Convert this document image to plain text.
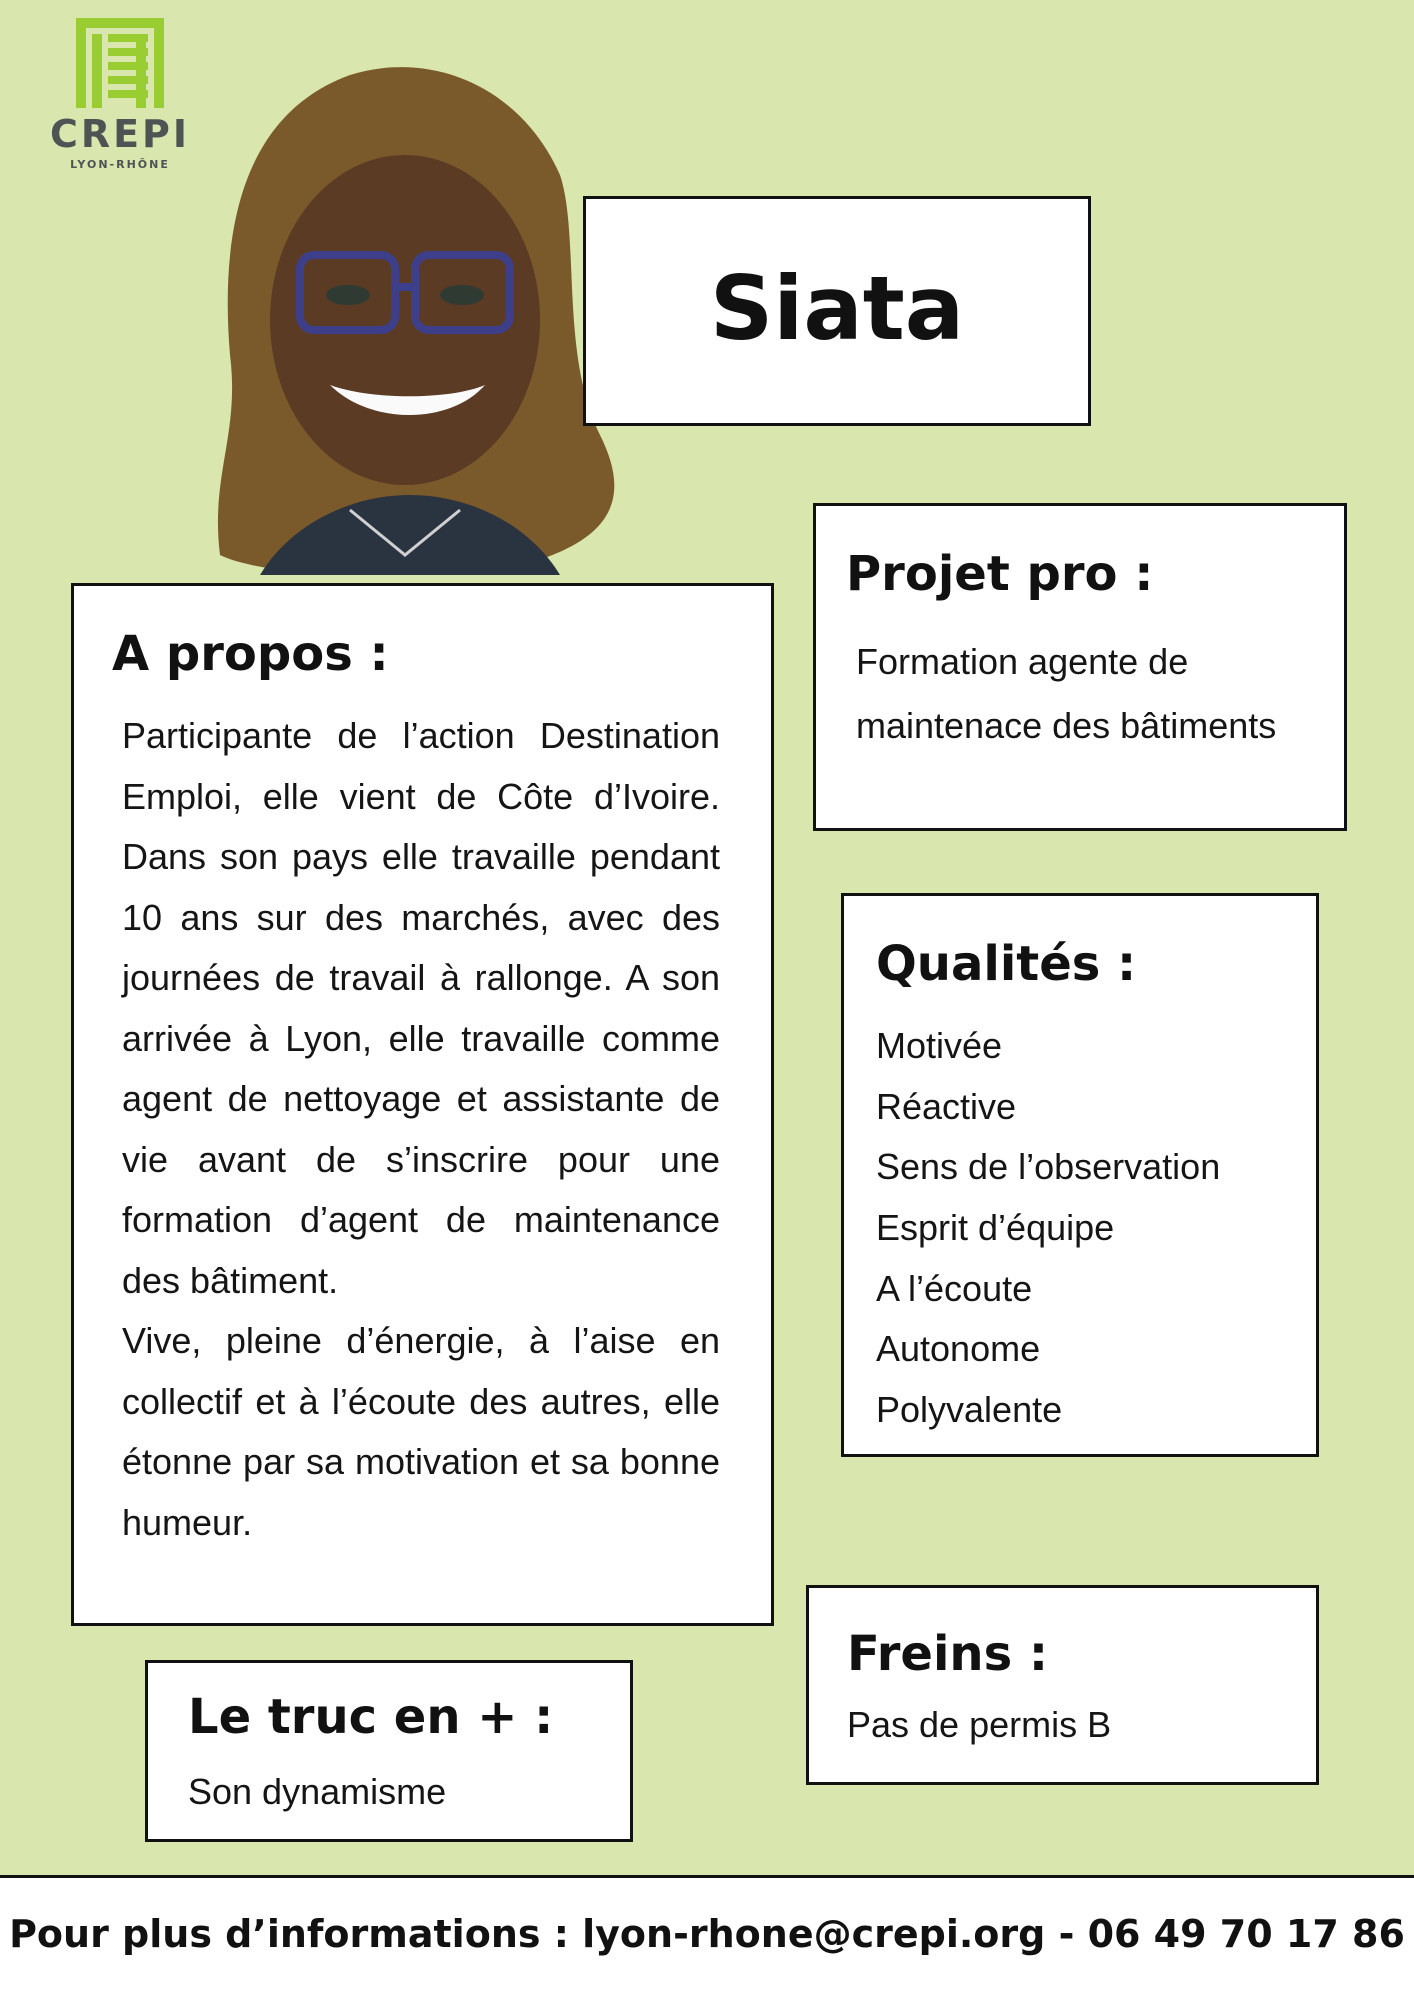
CREPI
LYON-RHÔNE
Siata
A propos :

Participante de l’action Destination Emploi, elle vient de Côte d’Ivoire. Dans son pays elle travaille pendant 10 ans sur des marchés, avec des journées de travail à rallonge. A son arrivée à Lyon, elle travaille comme agent de nettoyage et assistante de vie avant de s’inscrire pour une formation d’agent de maintenance des bâtiment.

Vive, pleine d’énergie, à l’aise en collectif et à l’écoute des autres, elle étonne par sa motivation et sa bonne humeur.

Projet pro :
Formation agente de maintenace des bâtiments
Qualités :
Motivée
Réactive
Sens de l’observation
Esprit d’équipe
A l’écoute
Autonome
Polyvalente
Le truc en + :
Son dynamisme
Freins :
Pas de permis B
Pour plus d’informations : lyon-rhone@crepi.org - 06 49 70 17 86
